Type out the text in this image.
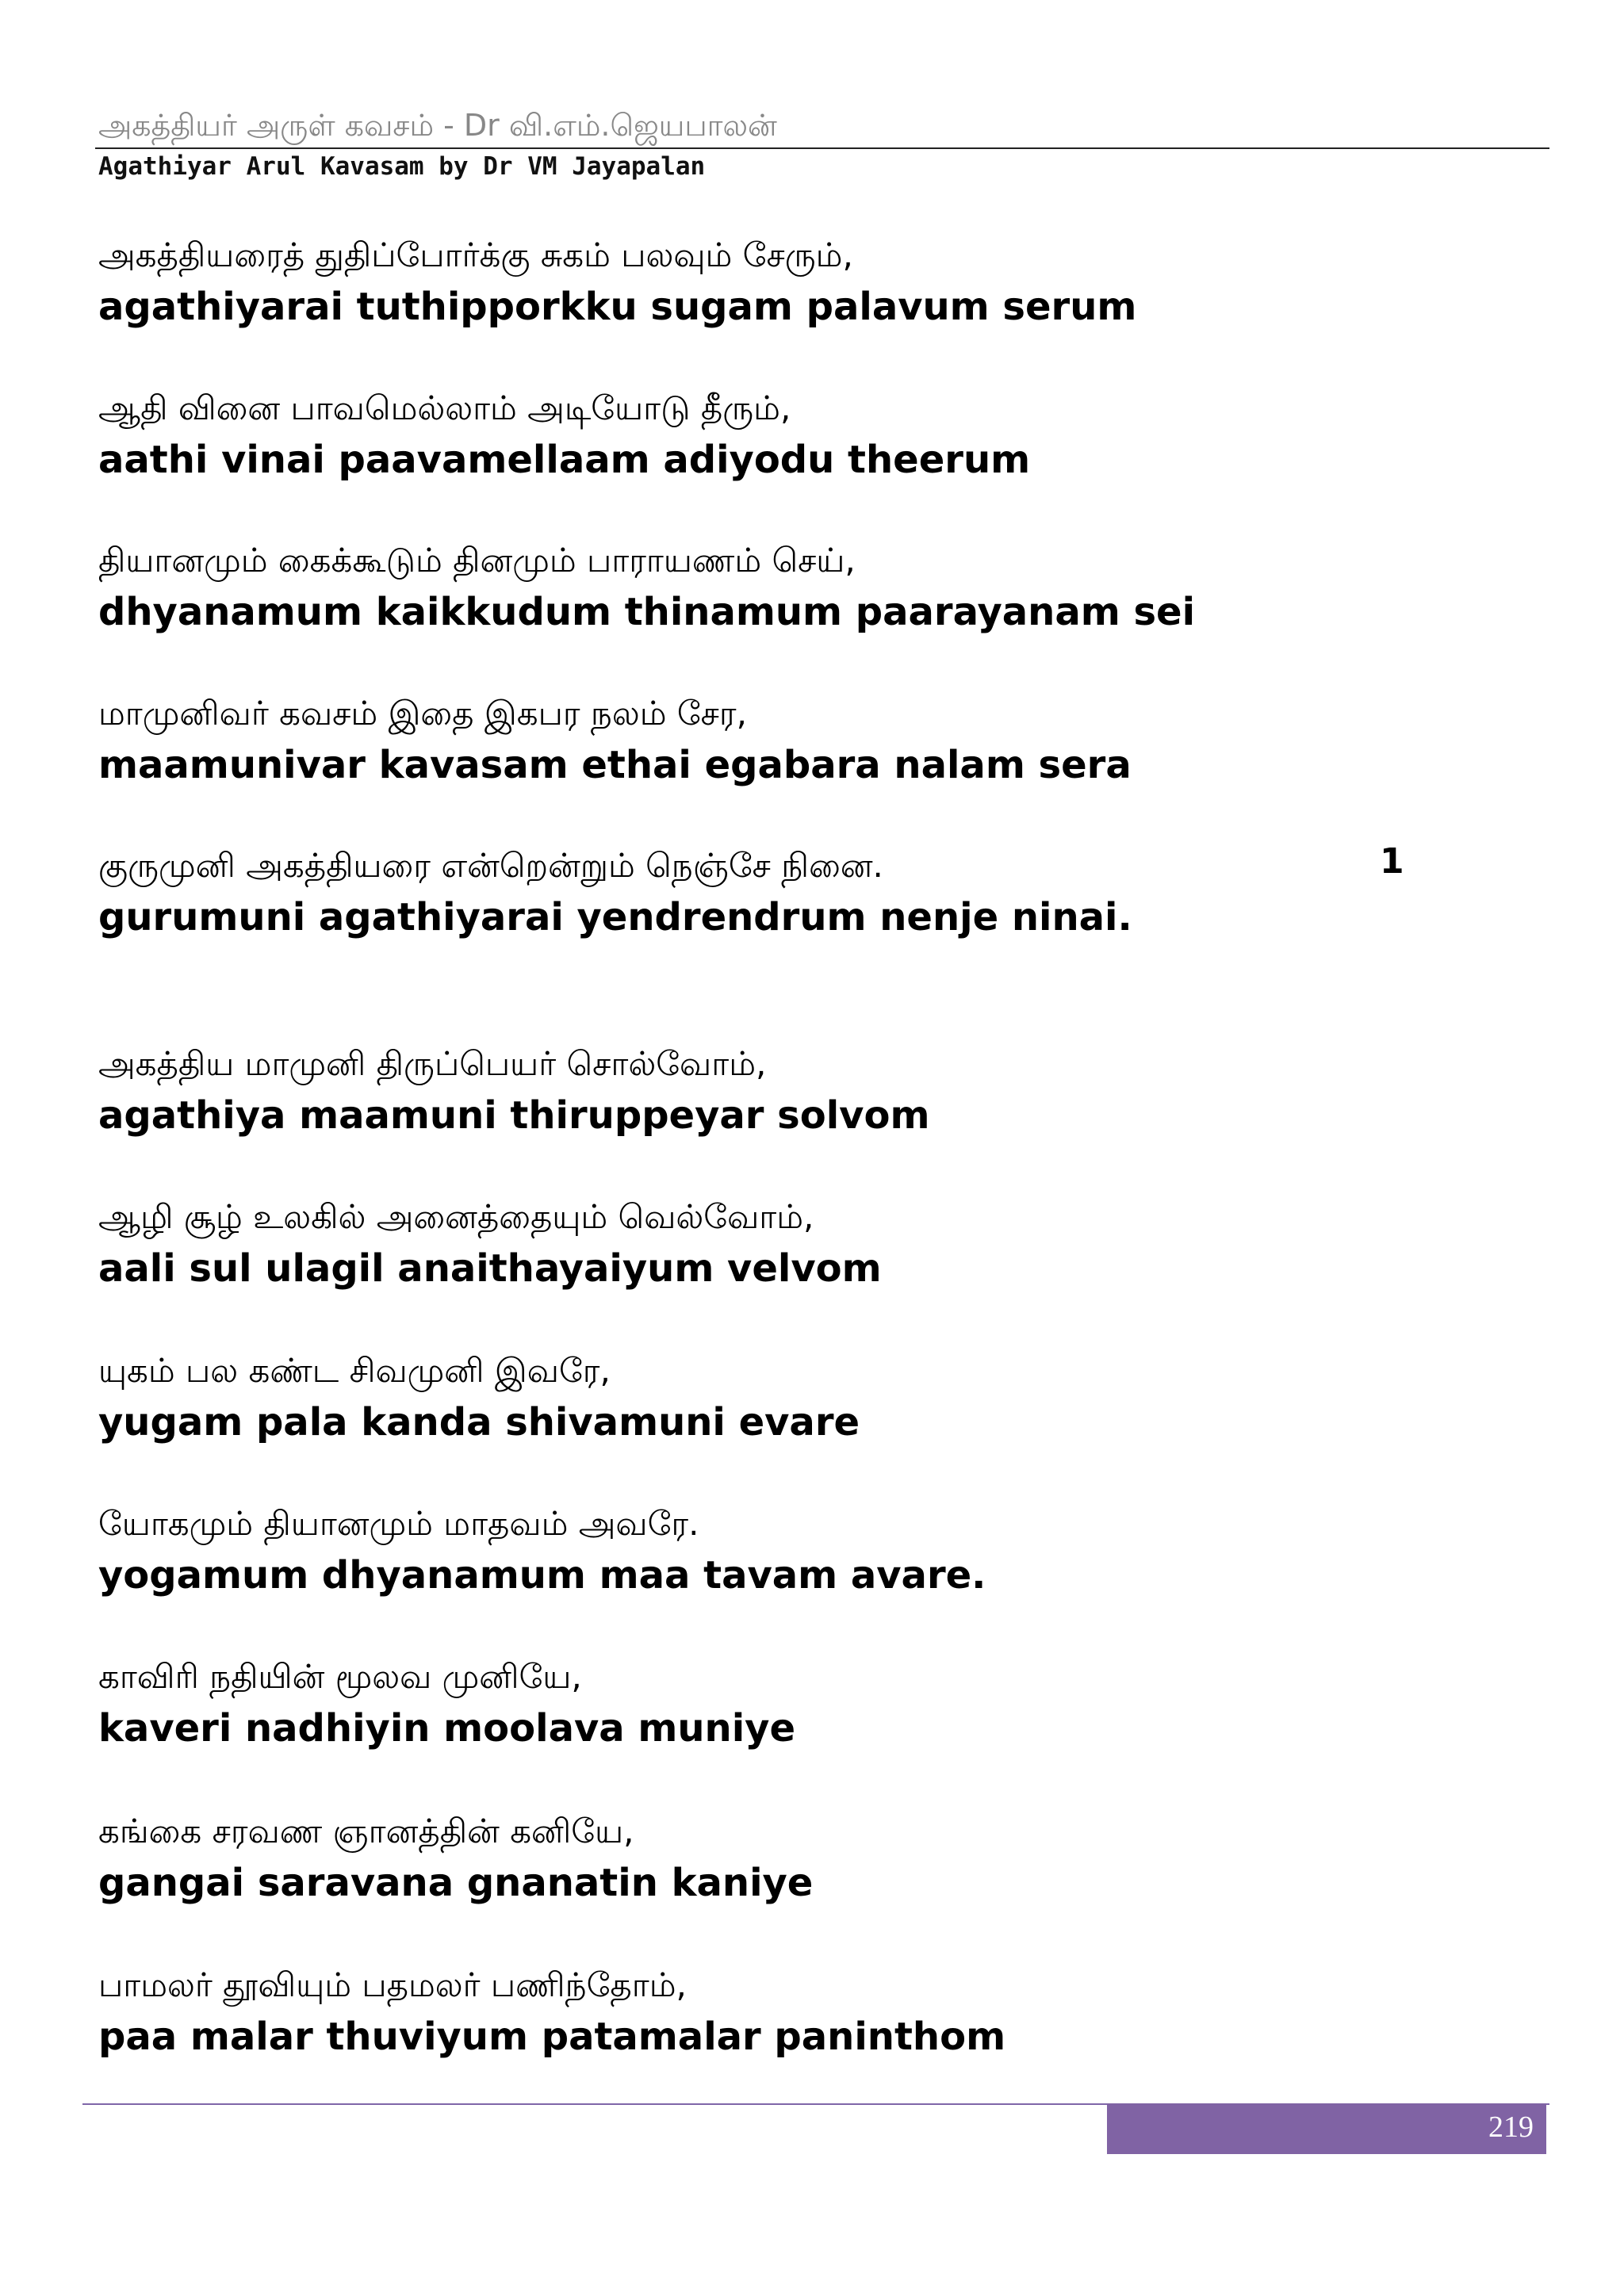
அகத்தியர் அருள் கவசம் - Dr வி.எம்.ஜெயபாலன்
Agathiyar Arul Kavasam by Dr VM Jayapalan
அகத்தியரைத் துதிப்போர்க்கு சுகம் பலவும் சேரும்,
agathiyarai tuthipporkku sugam palavum serum
ஆதி வினை பாவமெல்லாம் அடியோடு தீரும்,
aathi vinai paavamellaam adiyodu theerum
தியானமும் கைக்கூடும் தினமும் பாராயணம் செய்,
dhyanamum kaikkudum thinamum paarayanam sei
மாமுனிவர் கவசம் இதை இகபர நலம் சேர,
maamunivar kavasam ethai egabara nalam sera
குருமுனி அகத்தியரை என்றென்றும் நெஞ்சே நினை.
gurumuni agathiyarai yendrendrum nenje ninai.
1
அகத்திய மாமுனி திருப்பெயர் சொல்வோம்,
agathiya maamuni thiruppeyar solvom
ஆழி சூழ் உலகில் அனைத்தையும் வெல்வோம்,
aali sul ulagil anaithayaiyum velvom
யுகம் பல கண்ட சிவமுனி இவரே,
yugam pala kanda shivamuni evare
யோகமும் தியானமும் மாதவம் அவரே.
yogamum dhyanamum maa tavam avare.
காவிரி நதியின் மூலவ முனியே,
kaveri nadhiyin moolava muniye
கங்கை சரவண ஞானத்தின் கனியே,
gangai saravana gnanatin kaniye
பாமலர் தூவியும் பதமலர் பணிந்தோம்,
paa malar thuviyum patamalar paninthom
219
